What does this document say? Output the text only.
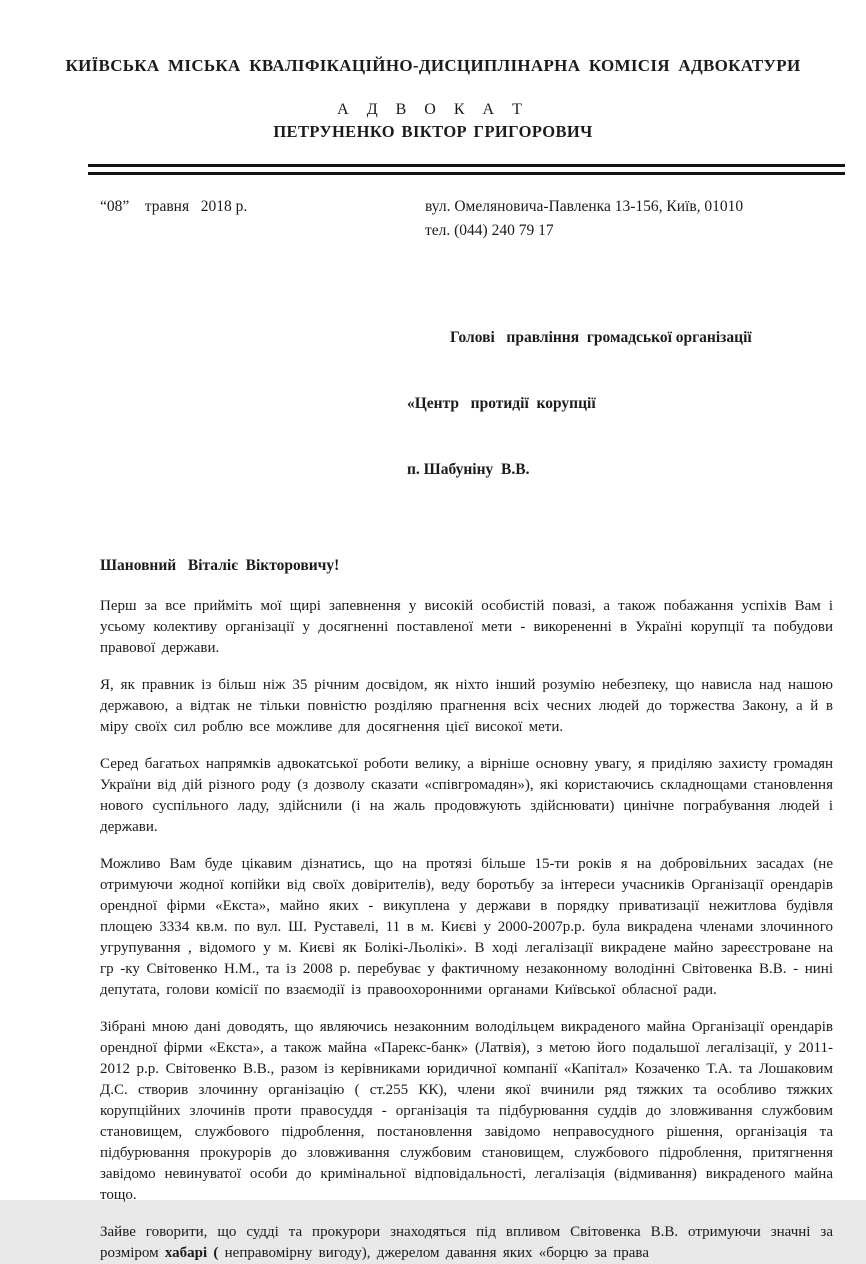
КИЇВСЬКА МІСЬКА КВАЛІФІКАЦІЙНО-ДИСЦИПЛІНАРНА КОМІСІЯ АДВОКАТУРИ
А Д В О К А Т
ПЕТРУНЕНКО ВІКТОР ГРИГОРОВИЧ
“08”    травня   2018 р.	вул. Омеляновича-Павленка 13-156, Київ, 01010
тел. (044) 240 79 17

Голові   правління  громадської організації

«Центр   протидії  корупції

п. Шабуніну  В.В.

Шановний   Віталіє  Вікторовичу!

Перш за все прийміть мої щирі запевнення у високій особистій повазі, а також побажання успіхів Вам і усьому колективу організації у досягненні поставленої мети - викорененні в Україні корупції та побудови правової держави.

Я, як правник із більш ніж 35 річним досвідом, як ніхто інший розумію небезпеку, що нависла над нашою державою, а відтак не тільки повністю розділяю прагнення всіх чесних людей до торжества Закону, а й в міру своїх сил роблю все можливе для досягнення цієї високої мети.

Серед багатьох напрямків адвокатської роботи велику, а вірніше основну увагу, я приділяю захисту громадян України від дій різного роду (з дозволу сказати «співгромадян»), які користаючись складнощами становлення нового суспільного ладу, здійснили (і на жаль продовжують здійснювати) цинічне пограбування людей і держави.

Можливо Вам буде цікавим дізнатись, що на протязі більше 15-ти років я на добровільних засадах (не отримуючи жодної копійки від своїх довірителів), веду боротьбу за інтереси учасників Організації орендарів орендної фірми «Екста», майно яких - викуплена у держави в порядку приватизації нежитлова будівля площею 3334 кв.м. по вул. Ш. Руставелі, 11 в м. Києві у 2000-2007р.р. була викрадена членами злочинного угрупування , відомого у м. Києві як Болікі-Льолікі». В ході легалізації викрадене майно зареєстроване на гр -ку Світовенко Н.М., та із 2008 р. перебуває у фактичному незаконному володінні Світовенка В.В. - нині депутата, голови комісії по взаємодії із правоохоронними органами Київської обласної ради.

Зібрані мною дані доводять, що являючись незаконним володільцем викраденого майна Організації орендарів орендної фірми «Екста», а також майна «Парекс-банк» (Латвія), з метою його подальшої легалізації, у 2011- 2012 р.р. Світовенко В.В., разом із керівниками юридичної компанії «Капітал» Козаченко Т.А. та Лошаковим Д.С. створив злочинну організацію ( ст.255 КК), члени якої вчинили ряд тяжких та особливо тяжких корупційних злочинів проти правосуддя - організація та підбурювання суддів до зловживання службовим становищем, службового підроблення, постановлення завідомо неправосудного рішення, організація та підбурювання прокурорів до зловживання службовим становищем, службового підроблення, притягнення завідомо невинуватої особи до кримінальної відповідальності, легалізація (відмивання) викраденого майна тощо.

Зайве говорити, що судді та прокурори знаходяться під впливом Світовенка В.В. отримуючи значні за розміром хабарі ( неправомірну вигоду), джерелом давання яких «борцю за права
